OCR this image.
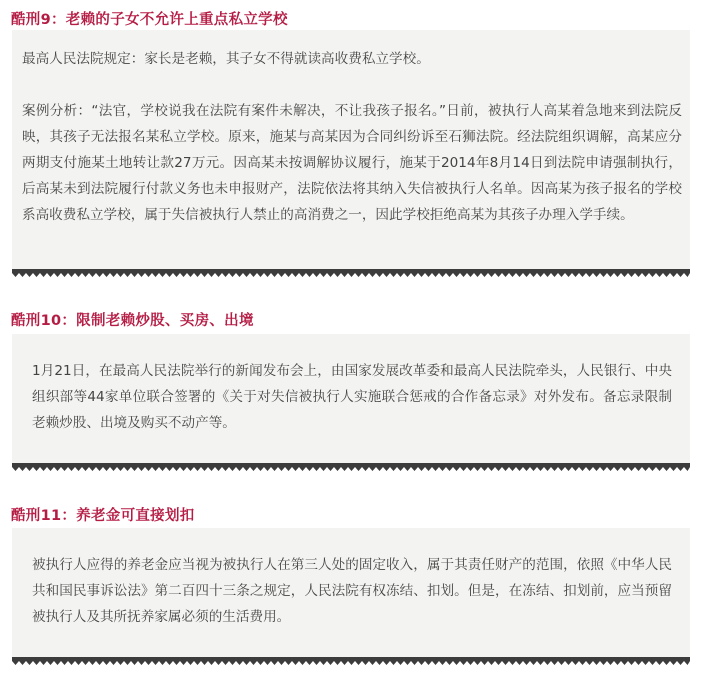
酷刑9：老赖的子女不允许上重点私立学校
最高人民法院规定：家长是老赖，其子女不得就读高收费私立学校。
案例分析：“法官，学校说我在法院有案件未解决，不让我孩子报名。”日前，被执行人高某着急地来到法院反映，其孩子无法报名某私立学校。原来，施某与高某因为合同纠纷诉至石狮法院。经法院组织调解，高某应分两期支付施某土地转让款27万元。因高某未按调解协议履行，施某于2014年8月14日到法院申请强制执行，后高某未到法院履行付款义务也未申报财产，法院依法将其纳入失信被执行人名单。因高某为孩子报名的学校系高收费私立学校，属于失信被执行人禁止的高消费之一，因此学校拒绝高某为其孩子办理入学手续。
酷刑10：限制老赖炒股、买房、出境
1月21日，在最高人民法院举行的新闻发布会上，由国家发展改革委和最高人民法院牵头，人民银行、中央组织部等44家单位联合签署的《关于对失信被执行人实施联合惩戒的合作备忘录》对外发布。备忘录限制老赖炒股、出境及购买不动产等。
酷刑11：养老金可直接划扣
被执行人应得的养老金应当视为被执行人在第三人处的固定收入，属于其责任财产的范围，依照《中华人民共和国民事诉讼法》第二百四十三条之规定，人民法院有权冻结、扣划。但是，在冻结、扣划前，应当预留被执行人及其所抚养家属必须的生活费用。
